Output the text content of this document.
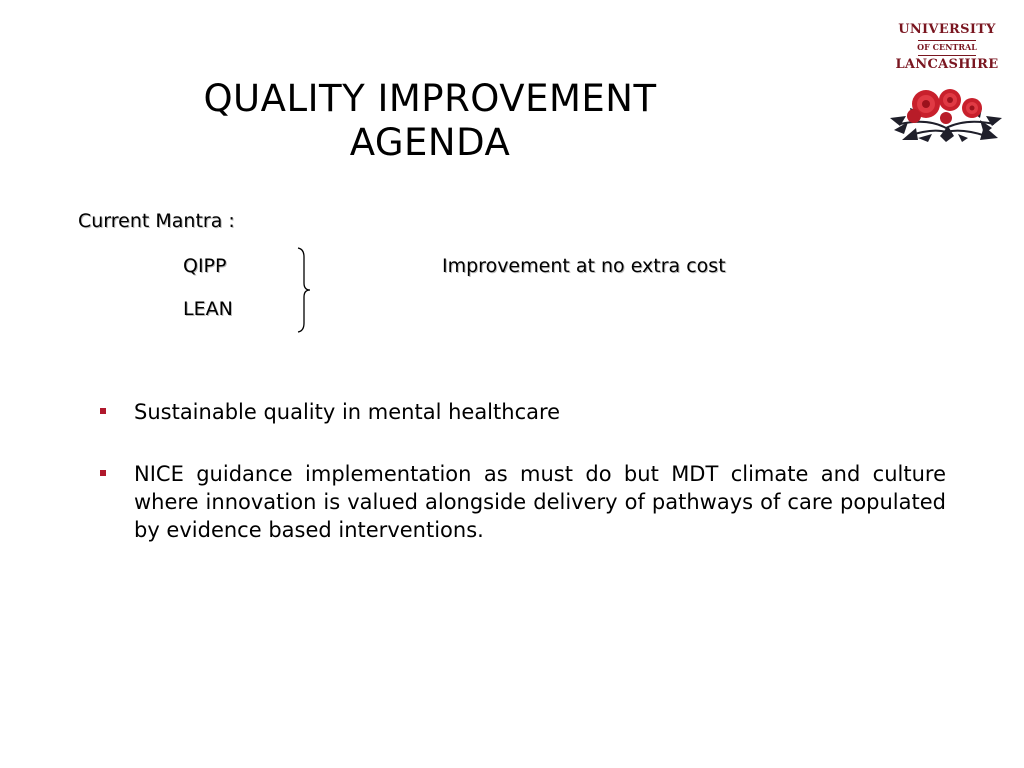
QUALITY IMPROVEMENT
AGENDA
UNIVERSITY
OF CENTRAL
LANCASHIRE
Current Mantra :
QIPP
LEAN
Improvement at no extra cost
Sustainable quality in mental healthcare
NICE guidance implementation as must do but MDT climate and culture where innovation is valued alongside delivery of pathways of care populated by evidence based interventions.
